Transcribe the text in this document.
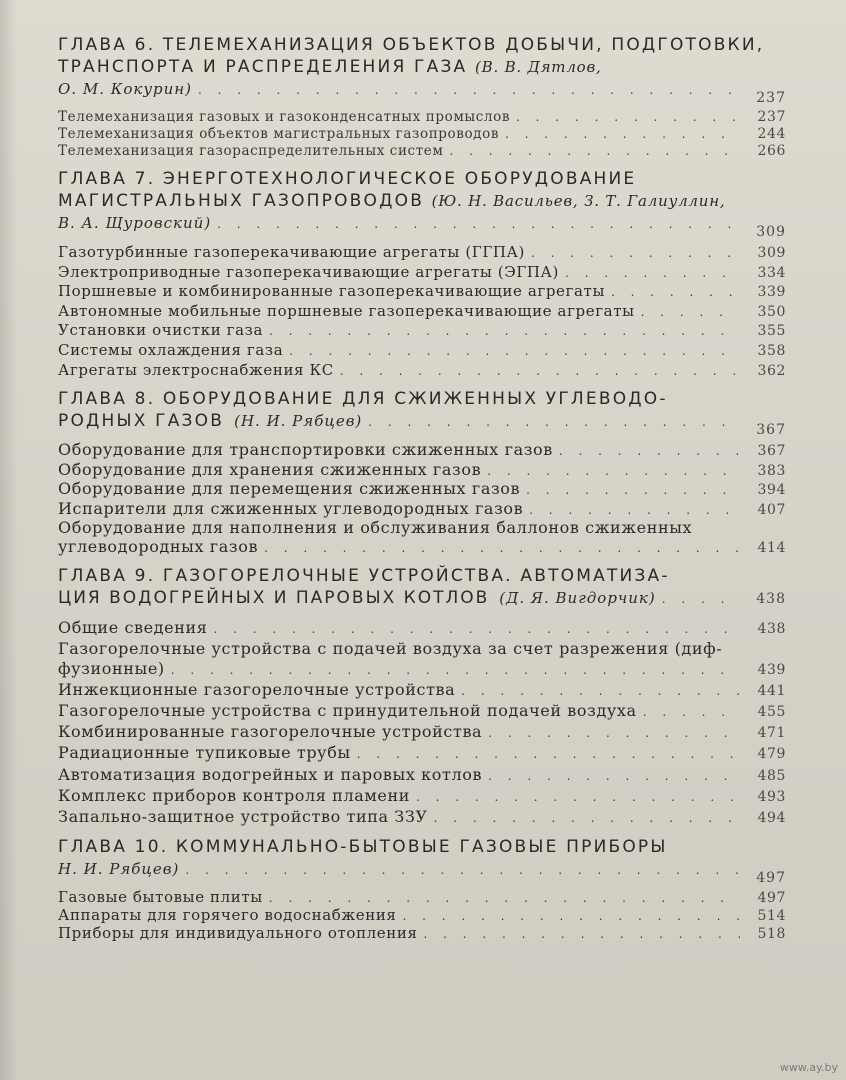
ГЛАВА 6. ТЕЛЕМЕХАНИЗАЦИЯ ОБЪЕКТОВ ДОБЫЧИ, ПОДГОТОВКИ, ТРАНСПОРТА И РАСПРЕДЕЛЕНИЯ ГАЗА (В. В. Дятлов,
О. М. Кокурин) . . .	237
Телемеханизация газовых и газоконденсатных промыслов . . .	237
Телемеханизация объектов магистральных газопроводов . . .	244
Телемеханизация газораспределительных систем . . .	266
ГЛАВА 7. ЭНЕРГОТЕХНОЛОГИЧЕСКОЕ ОБОРУДОВАНИЕ МАГИСТРАЛЬНЫХ ГАЗОПРОВОДОВ (Ю. Н. Васильев, З. Т. Галиуллин,
В. А. Щуровский) . . .	309
Газотурбинные газоперекачивающие агрегаты (ГГПА) . . .	309
Электроприводные газоперекачивающие агрегаты (ЭГПА) . . .	334
Поршневые и комбинированные газоперекачивающие агрегаты . . .	339
Автономные мобильные поршневые газоперекачивающие агрегаты . . .	350
Установки очистки газа . . .	355
Системы охлаждения газа . . .	358
Агрегаты электроснабжения КС . . .	362
ГЛАВА 8. ОБОРУДОВАНИЕ ДЛЯ СЖИЖЕННЫХ УГЛЕВОДО-
РОДНЫХ ГАЗОВ (Н. И. Рябцев) . . .	367
Оборудование для транспортировки сжиженных газов . . .	367
Оборудование для хранения сжиженных газов . . .	383
Оборудование для перемещения сжиженных газов . . .	394
Испарители для сжиженных углеводородных газов . . .	407
Оборудование для наполнения и обслуживания баллонов сжиженных
углеводородных газов . . .	414
ГЛАВА 9. ГАЗОГОРЕЛОЧНЫЕ УСТРОЙСТВА. АВТОМАТИЗА-
ЦИЯ ВОДОГРЕЙНЫХ И ПАРОВЫХ КОТЛОВ (Д. Я. Вигдорчик) . . .	438
Общие сведения . . .	438
Газогорелочные устройства с подачей воздуха за счет разрежения (диф-
фузионные) . . .	439
Инжекционные газогорелочные устройства . . .	441
Газогорелочные устройства с принудительной подачей воздуха . . .	455
Комбинированные газогорелочные устройства . . .	471
Радиационные тупиковые трубы . . .	479
Автоматизация водогрейных и паровых котлов . . .	485
Комплекс приборов контроля пламени . . .	493
Запально-защитное устройство типа ЗЗУ . . .	494
ГЛАВА 10. КОММУНАЛЬНО-БЫТОВЫЕ ГАЗОВЫЕ ПРИБОРЫ
Н. И. Рябцев) . . .	497
Газовые бытовые плиты . . .	497
Аппараты для горячего водоснабжения . . .	514
Приборы для индивидуального отопления . . .	518
www.ay.by
